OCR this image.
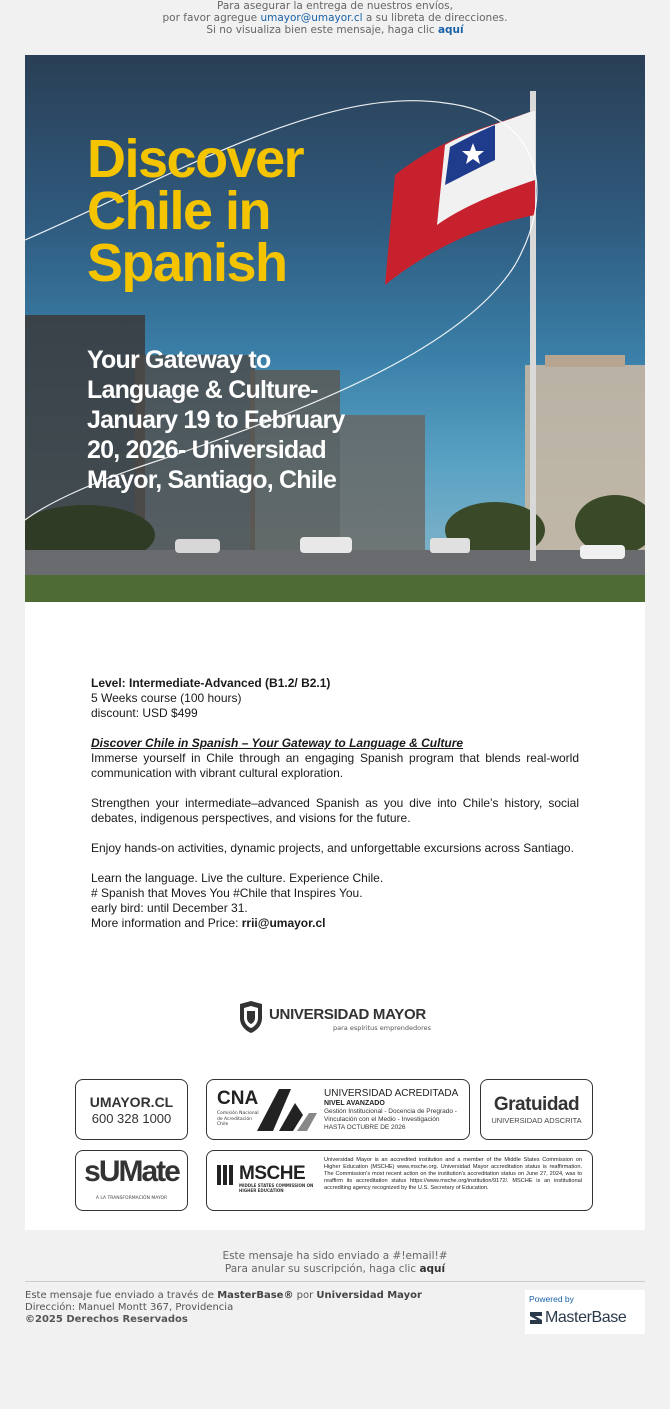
Para asegurar la entrega de nuestros envíos,
por favor agregue umayor@umayor.cl a su libreta de direcciones.
Si no visualiza bien este mensaje, haga clic aquí
Discover
Chile in
Spanish
Your Gateway to
Language & Culture-
January 19 to February
20, 2026- Universidad
Mayor, Santiago, Chile

Level: Intermediate-Advanced (B1.2/ B2.1)
5 Weeks course (100 hours)
discount: USD $499

Discover Chile in Spanish – Your Gateway to Language & Culture
Immerse yourself in Chile through an engaging Spanish program that blends real-world communication with vibrant cultural exploration.

Strengthen your intermediate–advanced Spanish as you dive into Chile’s history, social debates, indigenous perspectives, and visions for the future.

Enjoy hands-on activities, dynamic projects, and unforgettable excursions across Santiago.

Learn the language. Live the culture. Experience Chile.
# Spanish that Moves You #Chile that Inspires You.
early bird: until December 31.
More information and Price: rrii@umayor.cl

UNIVERSIDAD MAYOR
para espíritus emprendedores
UMAYOR.CL
600 328 1000
CNA
Comisión Nacional de Acreditación Chile
UNIVERSIDAD ACREDITADA
NIVEL AVANZADO
Gestión Institucional - Docencia de Pregrado - Vinculación con el Medio - Investigación
HASTA OCTUBRE DE 2026
Gratuidad
UNIVERSIDAD ADSCRITA
sUMate
A LA TRANSFORMACIÓN MAYOR
MSCHE
MIDDLE STATES COMMISSION ON HIGHER EDUCATION
Universidad Mayor is an accredited institution and a member of the Middle States Commission on Higher Education (MSCHE) www.msche.org. Universidad Mayor accreditation status is reaffirmation. The Commission's most recent action on the institution's accreditation status on June 27, 2024, was to reaffirm its accreditation status https://www.msche.org/institution/9172/. MSCHE is an institutional accrediting agency recognized by the U.S. Secretary of Education.
Este mensaje ha sido enviado a #!email!#
Para anular su suscripción, haga clic aquí
Este mensaje fue enviado a través de MasterBase® por Universidad Mayor
Dirección: Manuel Montt 367, Providencia
©2025 Derechos Reservados
Powered by
MasterBase
